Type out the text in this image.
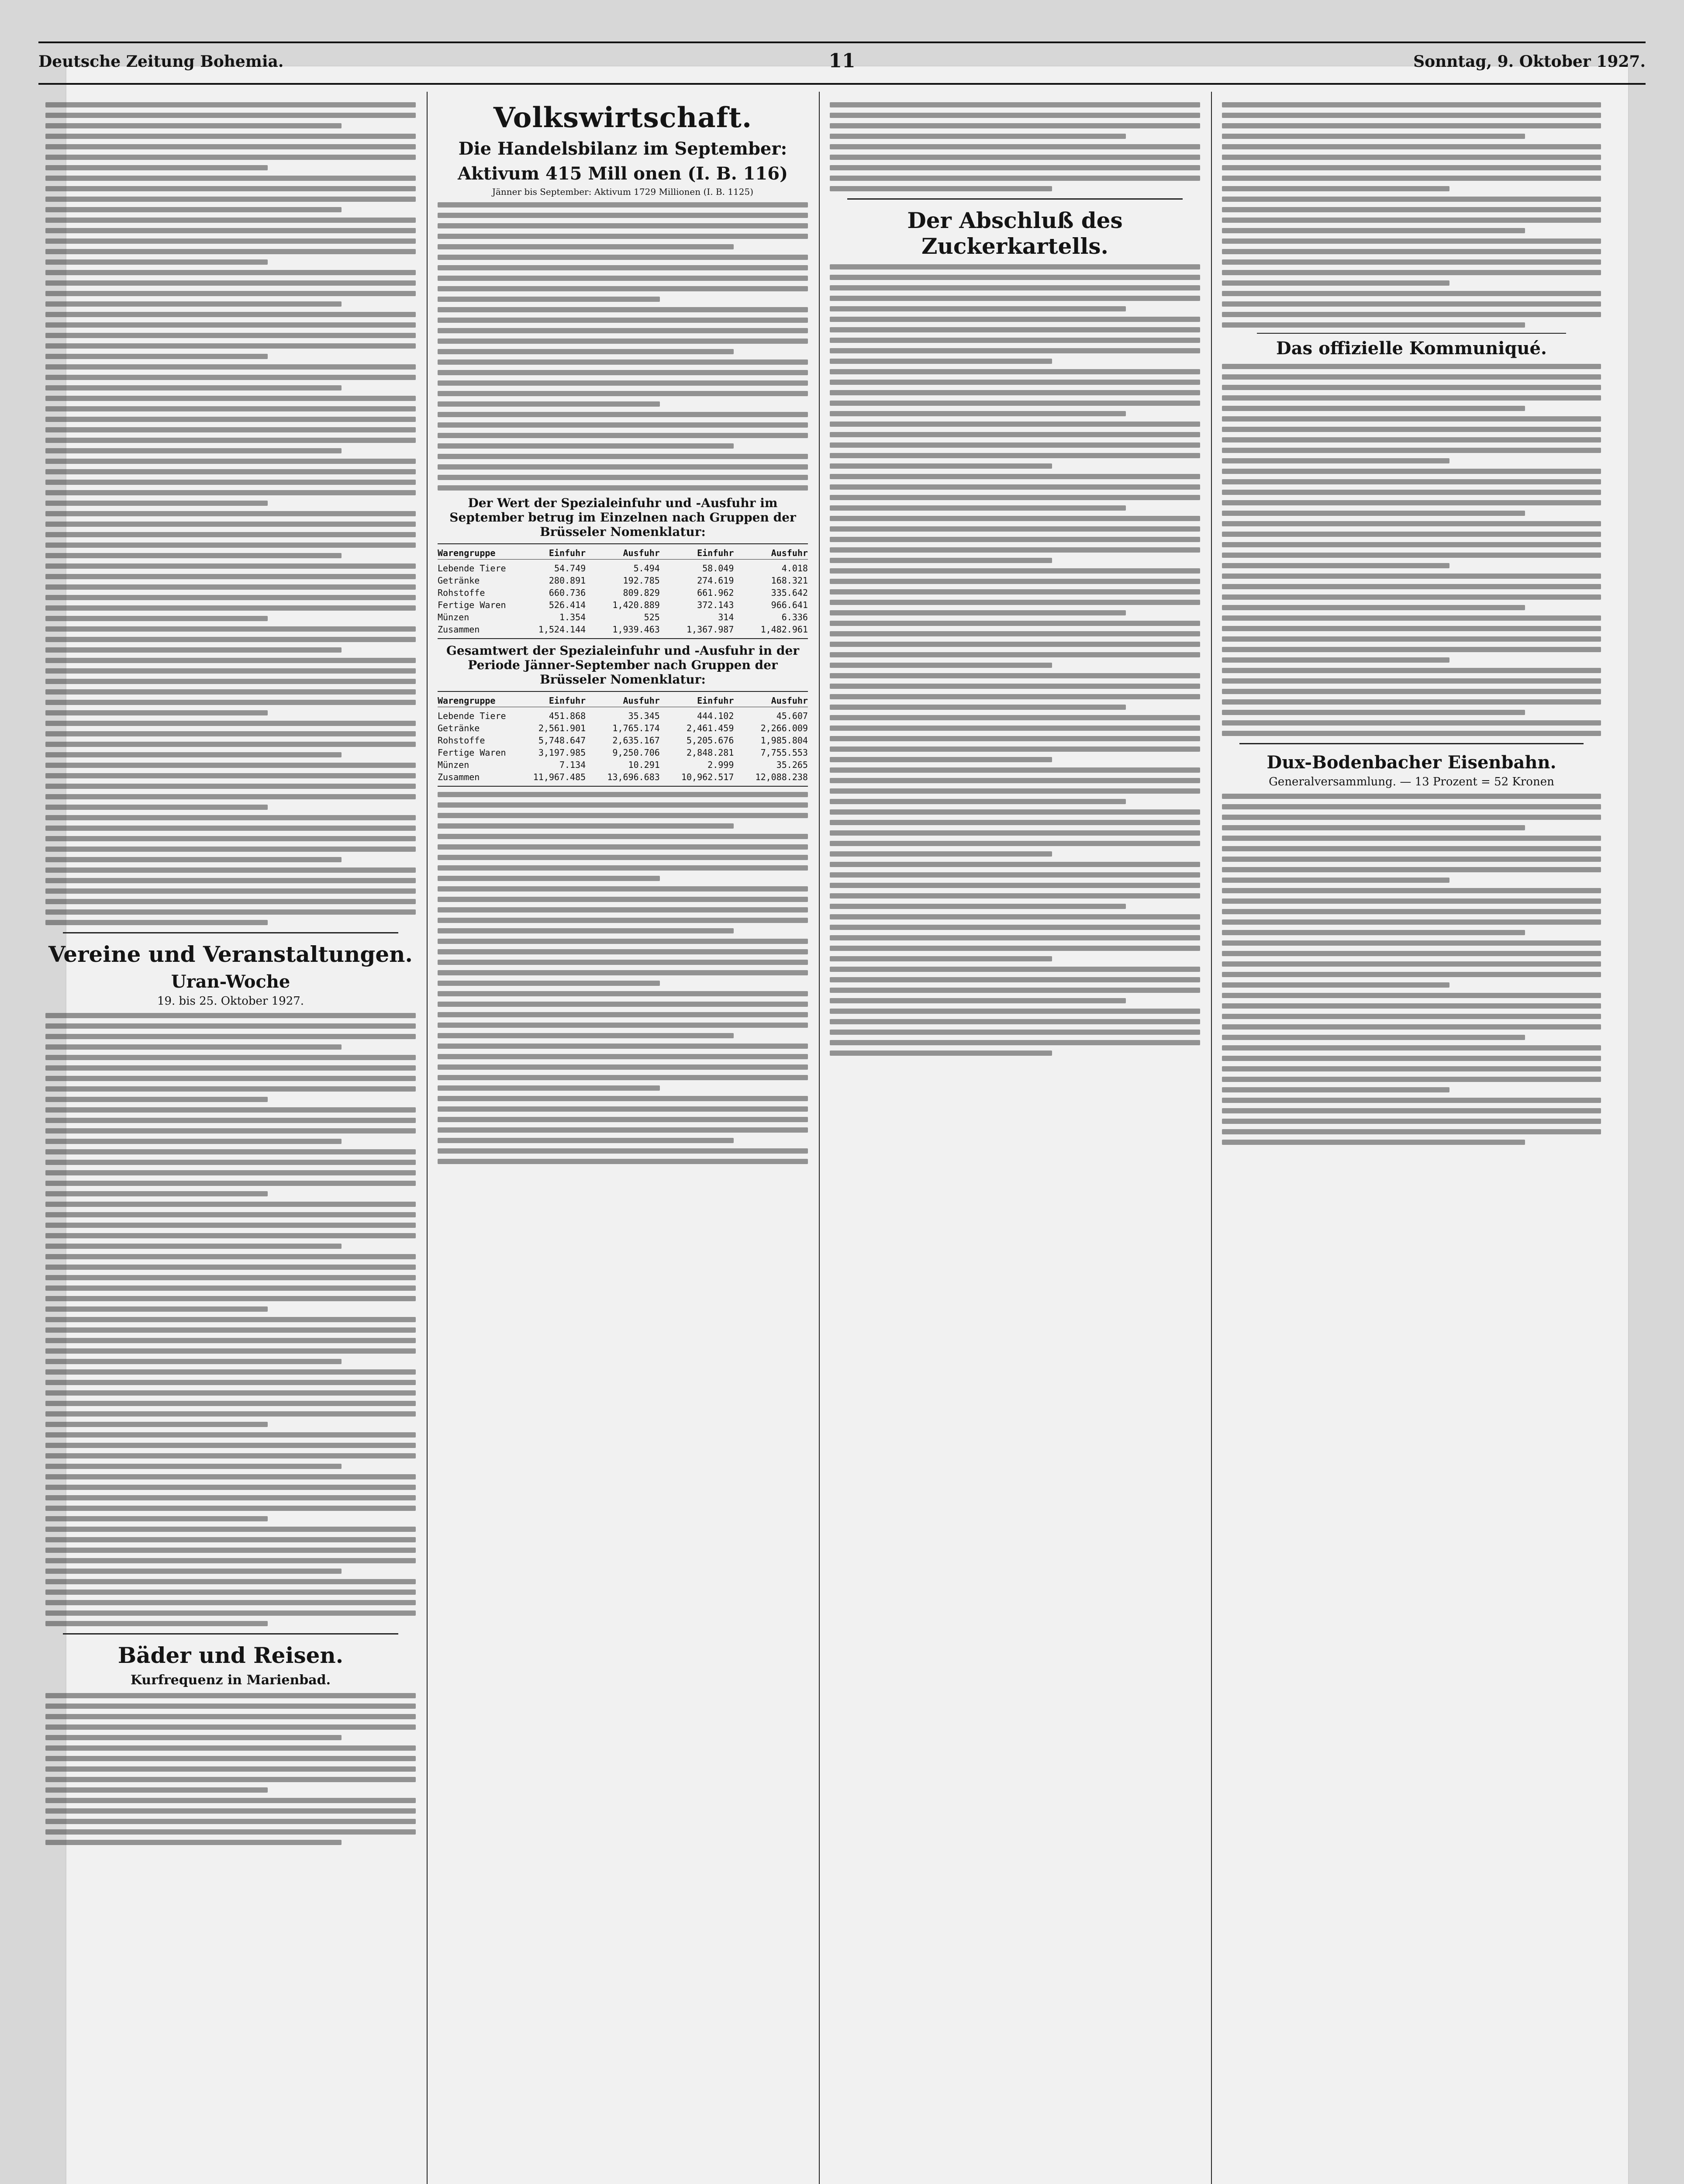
Deutsche Zeitung Bohemia.	11	Sonntag, 9. Oktober 1927.
Vereine und Veranstaltungen.
Uran-Woche
19. bis 25. Oktober 1927.
Bäder und Reisen.
Kurfrequenz in Marienbad.
Volkswirtschaft.
Die Handelsbilanz im September:
Aktivum 415 Mill onen (I. B. 116)
Jänner bis September: Aktivum 1729 Millionen (I. B. 1125)
Der Wert der Spezialeinfuhr und -Ausfuhr im September betrug im Einzelnen nach Gruppen der Brüsseler Nomenklatur:
Warengruppe	Einfuhr	Ausfuhr	Einfuhr	Ausfuhr
Lebende Tiere	54.749	5.494	58.049	4.018
Getränke	280.891	192.785	274.619	168.321
Rohstoffe	660.736	809.829	661.962	335.642
Fertige Waren	526.414	1,420.889	372.143	966.641
Münzen	1.354	525	314	6.336
Zusammen	1,524.144	1,939.463	1,367.987	1,482.961
Gesamtwert der Spezialeinfuhr und -Ausfuhr in der Periode Jänner-September nach Gruppen der Brüsseler Nomenklatur:
Warengruppe	Einfuhr	Ausfuhr	Einfuhr	Ausfuhr
Lebende Tiere	451.868	35.345	444.102	45.607
Getränke	2,561.901	1,765.174	2,461.459	2,266.009
Rohstoffe	5,748.647	2,635.167	5,205.676	1,985.804
Fertige Waren	3,197.985	9,250.706	2,848.281	7,755.553
Münzen	7.134	10.291	2.999	35.265
Zusammen	11,967.485	13,696.683	10,962.517	12,088.238
Der Abschluß des Zuckerkartells.
Das offizielle Kommuniqué.
Dux-Bodenbacher Eisenbahn.
Generalversammlung. — 13 Prozent = 52 Kronen
